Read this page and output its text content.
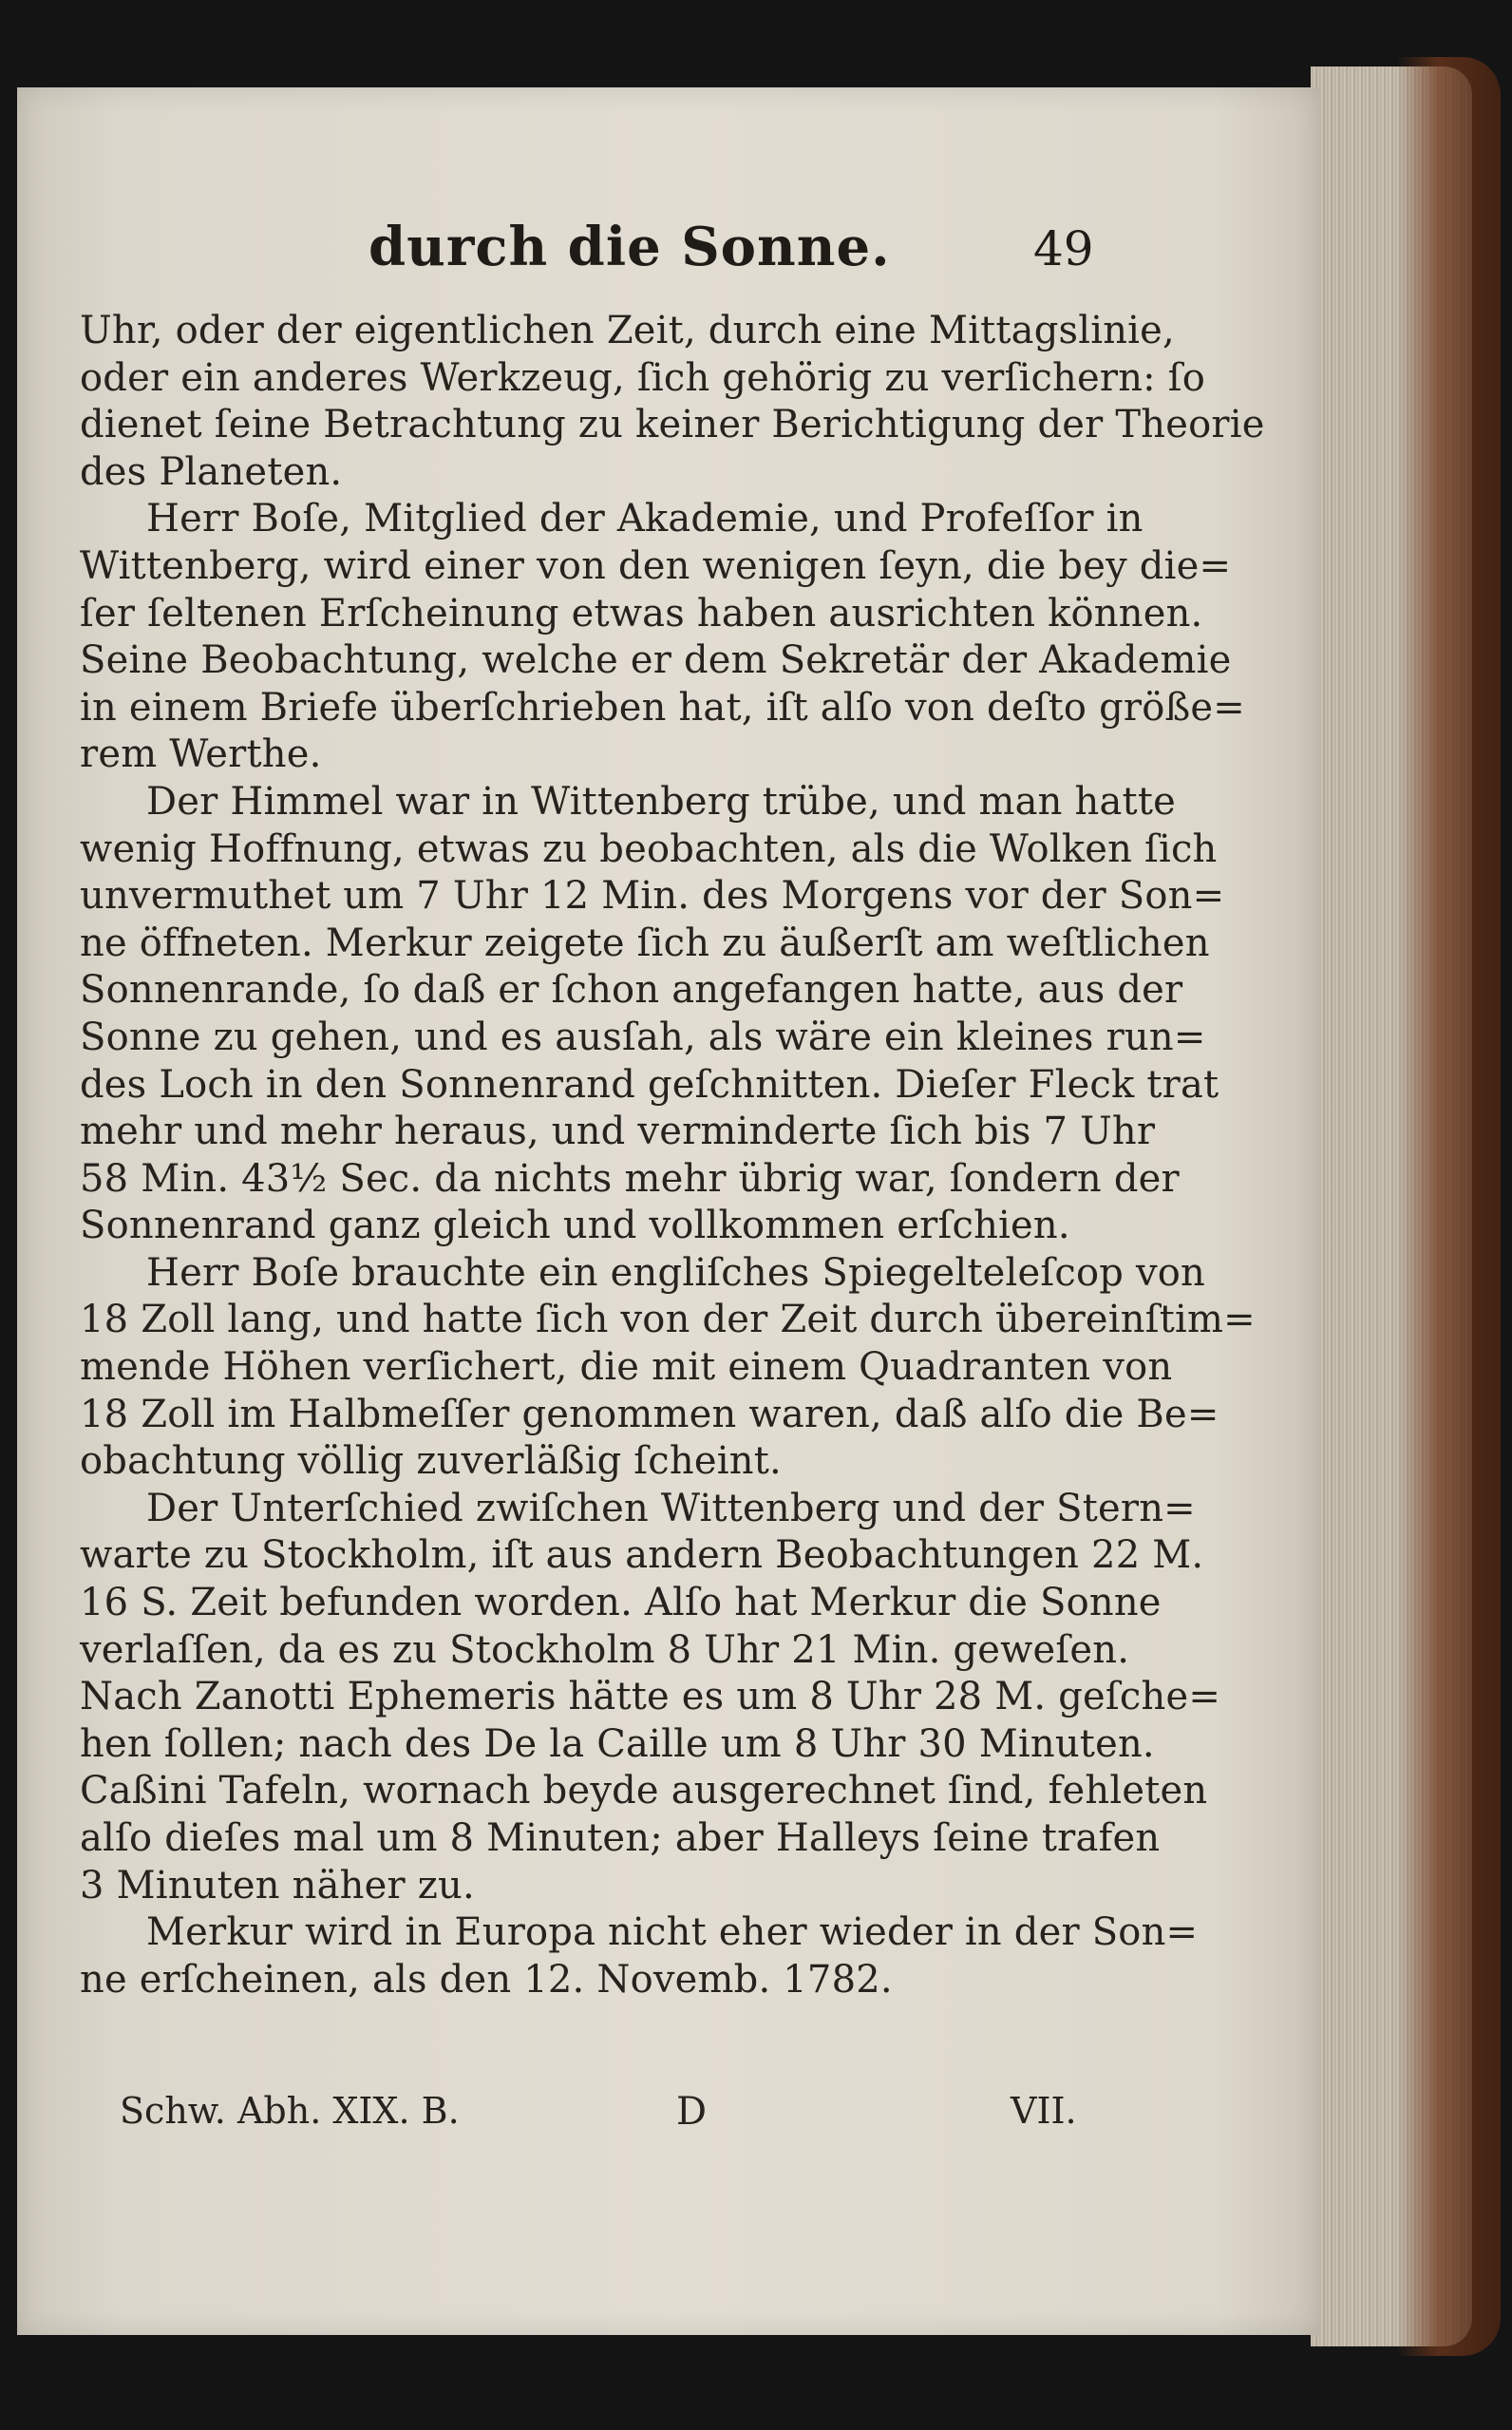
durch die Sonne.	49
Uhr, oder der eigentlichen Zeit, durch eine Mittagslinie,
oder ein anderes Werkzeug, ſich gehörig zu verſichern: ſo
dienet ſeine Betrachtung zu keiner Berichtigung der Theorie
des Planeten.
Herr Boſe, Mitglied der Akademie, und Profeſſor in
Wittenberg, wird einer von den wenigen ſeyn, die bey die=
ſer ſeltenen Erſcheinung etwas haben ausrichten können.
Seine Beobachtung, welche er dem Sekretär der Akademie
in einem Briefe überſchrieben hat, iſt alſo von deſto größe=
rem Werthe.
Der Himmel war in Wittenberg trübe, und man hatte
wenig Hoffnung, etwas zu beobachten, als die Wolken ſich
unvermuthet um 7 Uhr 12 Min. des Morgens vor der Son=
ne öffneten. Merkur zeigete ſich zu äußerſt am weſtlichen
Sonnenrande, ſo daß er ſchon angefangen hatte, aus der
Sonne zu gehen, und es ausſah, als wäre ein kleines run=
des Loch in den Sonnenrand geſchnitten. Dieſer Fleck trat
mehr und mehr heraus, und verminderte ſich bis 7 Uhr
58 Min. 43½ Sec. da nichts mehr übrig war, ſondern der
Sonnenrand ganz gleich und vollkommen erſchien.
Herr Boſe brauchte ein engliſches Spiegelteleſcop von
18 Zoll lang, und hatte ſich von der Zeit durch übereinſtim=
mende Höhen verſichert, die mit einem Quadranten von
18 Zoll im Halbmeſſer genommen waren, daß alſo die Be=
obachtung völlig zuverläßig ſcheint.
Der Unterſchied zwiſchen Wittenberg und der Stern=
warte zu Stockholm, iſt aus andern Beobachtungen 22 M.
16 S. Zeit befunden worden. Alſo hat Merkur die Sonne
verlaſſen, da es zu Stockholm 8 Uhr 21 Min. geweſen.
Nach Zanotti Ephemeris hätte es um 8 Uhr 28 M. geſche=
hen ſollen; nach des De la Caille um 8 Uhr 30 Minuten.
Caßini Tafeln, wornach beyde ausgerechnet ſind, fehleten
alſo dieſes mal um 8 Minuten; aber Halleys ſeine trafen
3 Minuten näher zu.
Merkur wird in Europa nicht eher wieder in der Son=
ne erſcheinen, als den 12. Novemb. 1782.
Schw. Abh. XIX. B.	D	VII.
